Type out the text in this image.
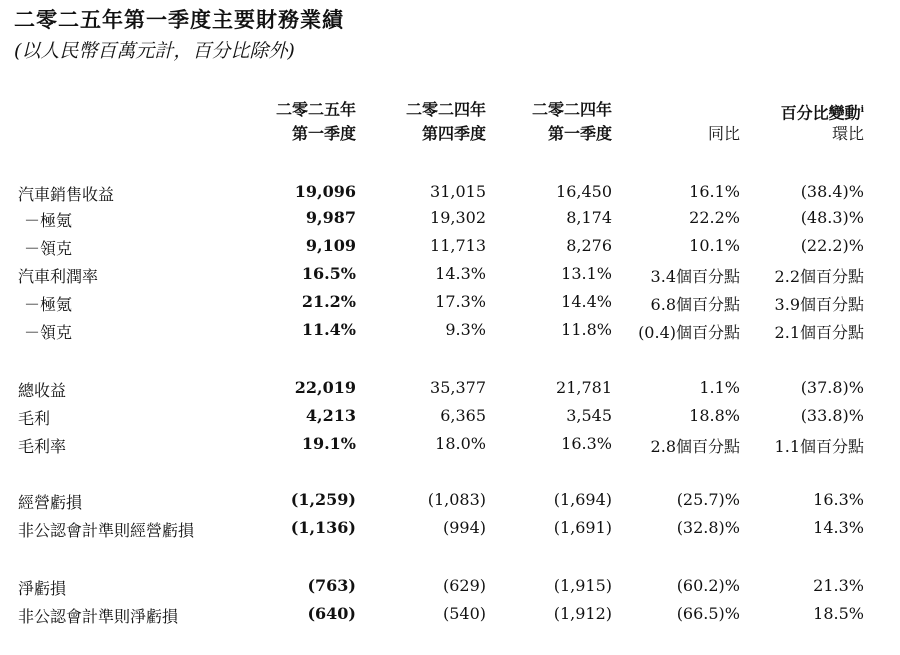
二零二五年第一季度主要財務業績
(以人民幣百萬元計，百分比除外)
二零二五年
第一季度
二零二四年
第四季度
二零二四年
第一季度
百分比變動$^i$
同比	環比
汽車銷售收益	19,096	31,015	16,450	16.1%	(38.4)%
－極氪	9,987	19,302	8,174	22.2%	(48.3)%
－領克	9,109	11,713	8,276	10.1%	(22.2)%
汽車利潤率	16.5%	14.3%	13.1% 3.4個百分點 2.2個百分點
－極氪	21.2%	17.3%	14.4% 6.8個百分點 3.9個百分點
－領克	11.4%	9.3%	11.8% (0.4)個百分點 2.1個百分點
總收益	22,019	35,377	21,781	1.1%	(37.8)%
毛利	4,213	6,365	3,545	18.8%	(33.8)%
毛利率	19.1%	18.0%	16.3% 2.8個百分點 1.1個百分點
經營虧損	(1,259)	(1,083)	(1,694)	(25.7)%	16.3%
非公認會計準則經營虧損	(1,136)	(994)	(1,691)	(32.8)%	14.3%
淨虧損	(763)	(629)	(1,915)	(60.2)%	21.3%
非公認會計準則淨虧損	(640)	(540)	(1,912)	(66.5)%	18.5%
